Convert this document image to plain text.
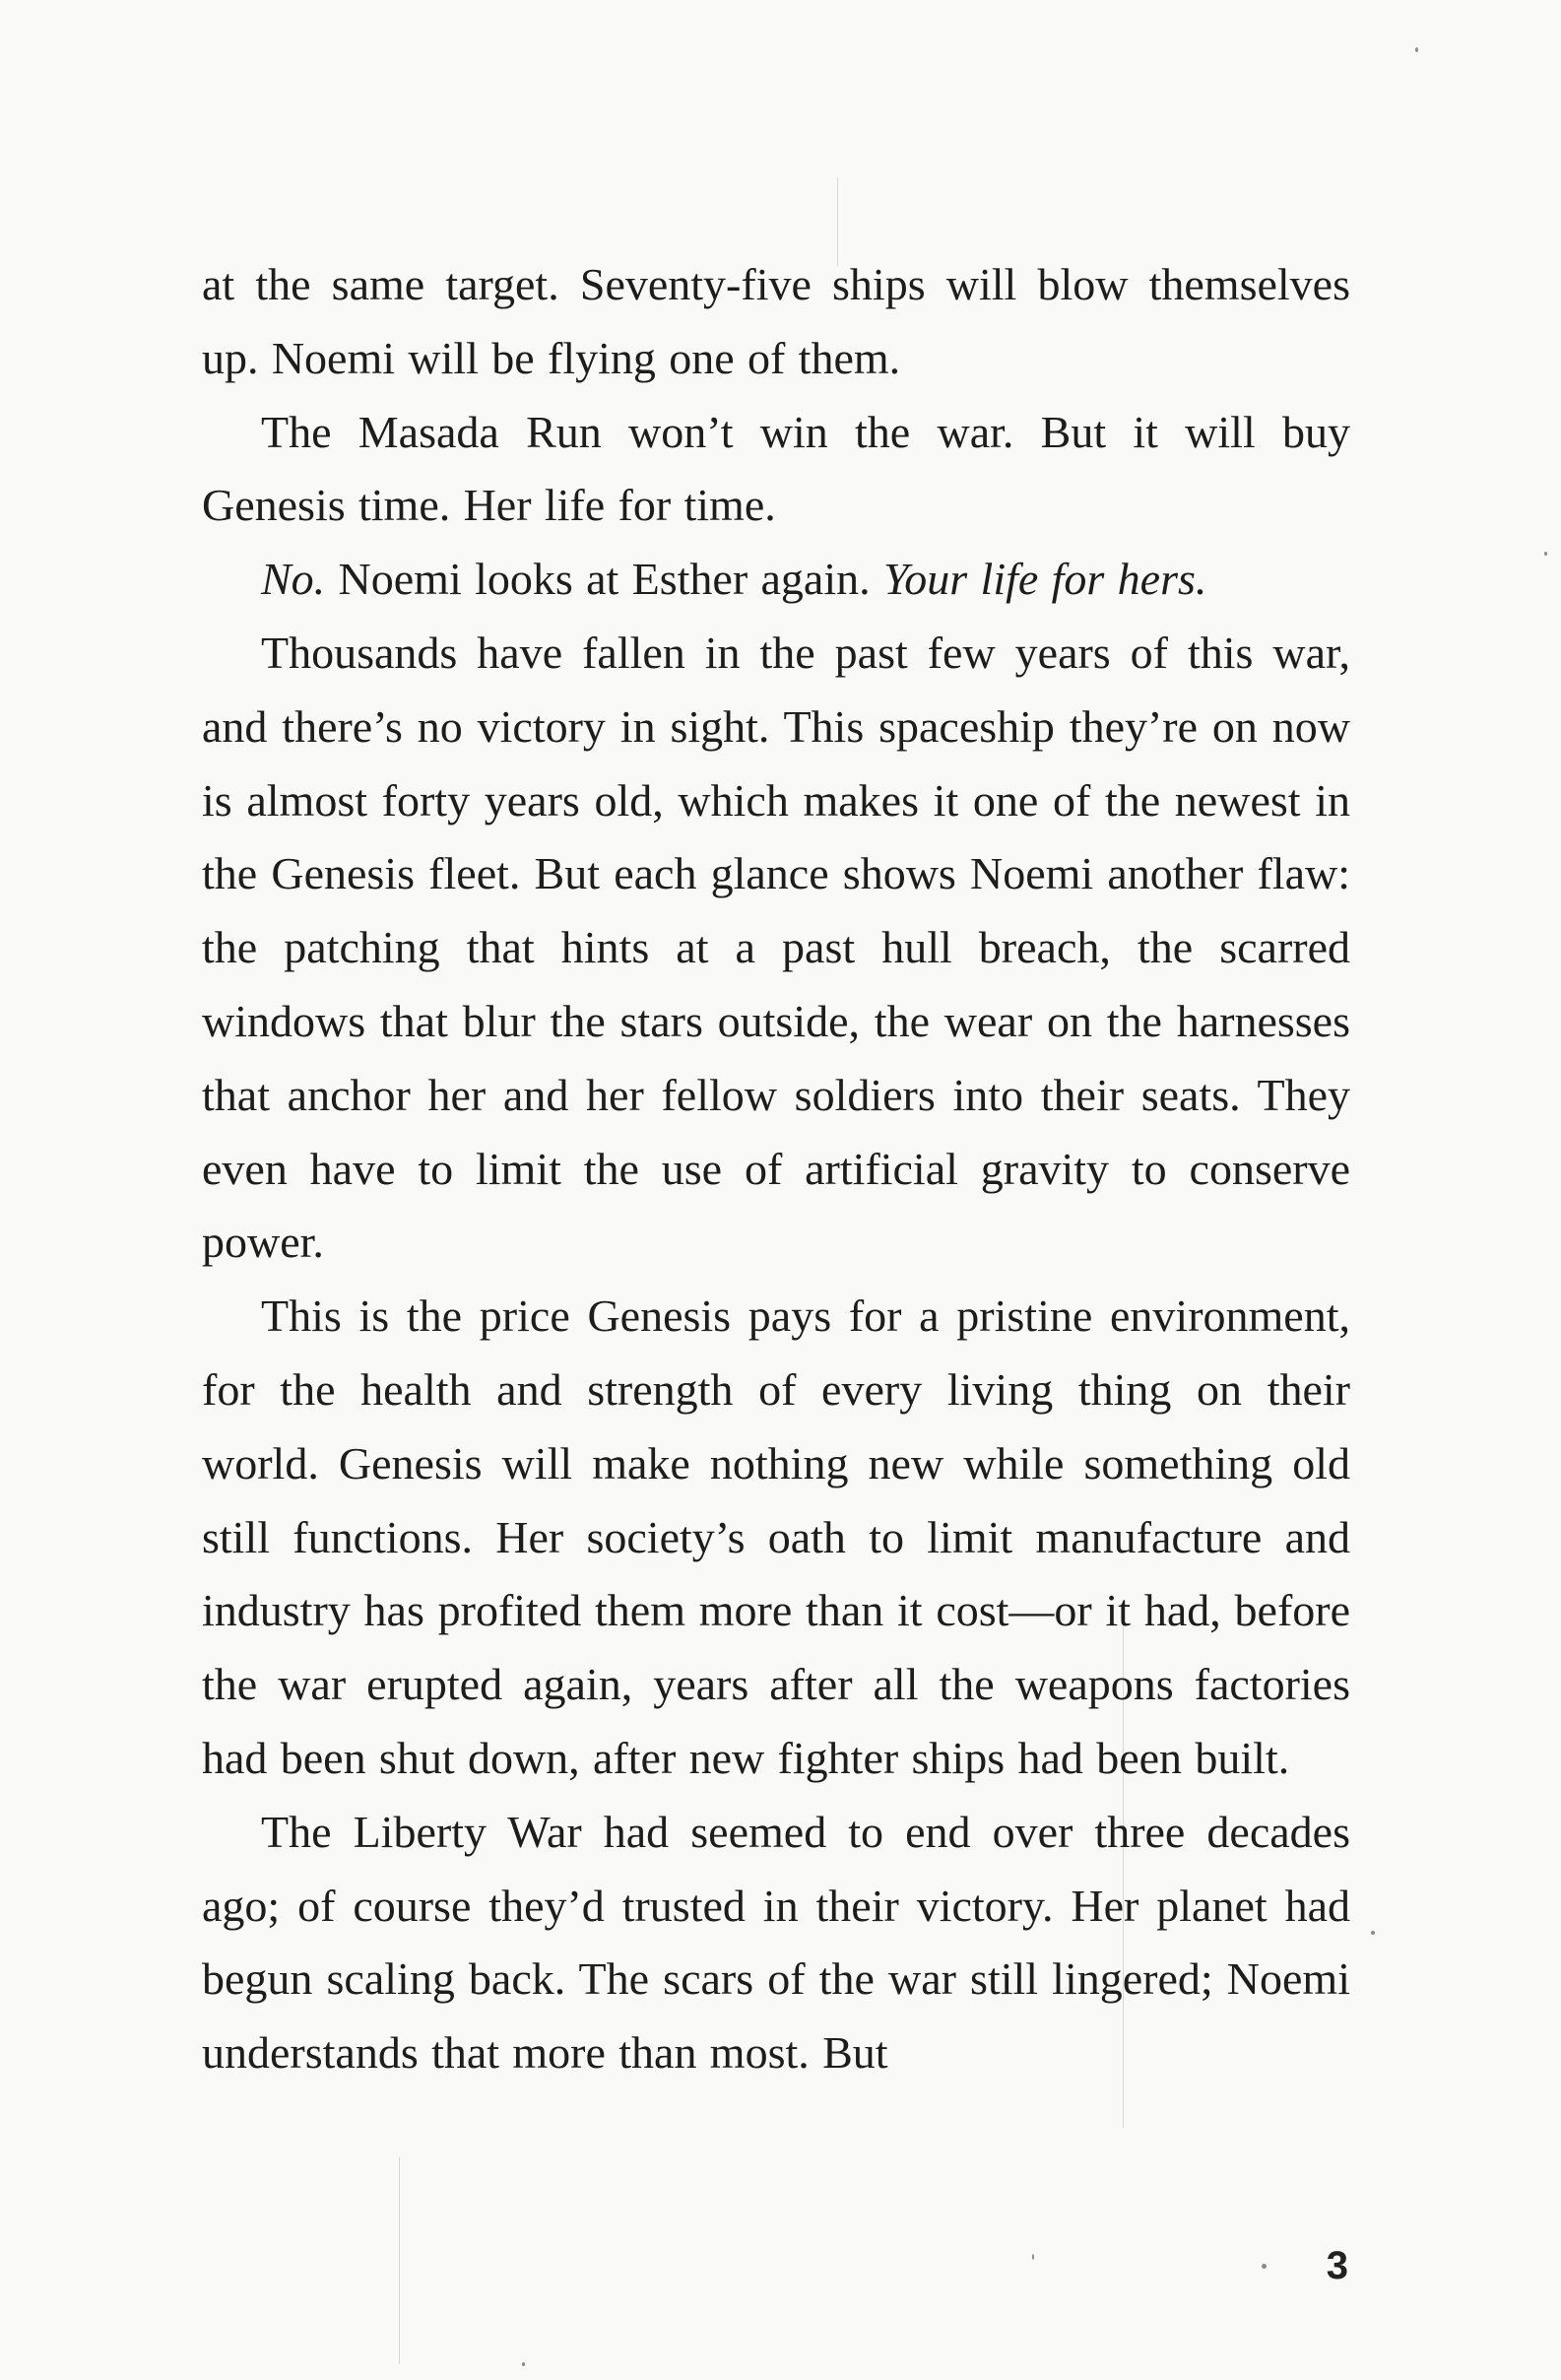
at the same target. Seventy-five ships will blow themselves up. Noemi will be flying one of them.

The Masada Run won’t win the war. But it will buy Genesis time. Her life for time.

No. Noemi looks at Esther again. Your life for hers.

Thousands have fallen in the past few years of this war, and there’s no victory in sight. This spaceship they’re on now is almost forty years old, which makes it one of the newest in the Genesis fleet. But each glance shows Noemi another flaw: the patching that hints at a past hull breach, the scarred windows that blur the stars outside, the wear on the harnesses that anchor her and her fellow soldiers into their seats. They even have to limit the use of artificial gravity to conserve power.

This is the price Genesis pays for a pristine environment, for the health and strength of every living thing on their world. Genesis will make nothing new while something old still functions. Her society’s oath to limit manufacture and industry has profited them more than it cost—or it had, before the war erupted again, years after all the weapons factories had been shut down, after new fighter ships had been built.

The Liberty War had seemed to end over three decades ago; of course they’d trusted in their victory. Her planet had begun scaling back. The scars of the war still lingered; Noemi understands that more than most. But

3
